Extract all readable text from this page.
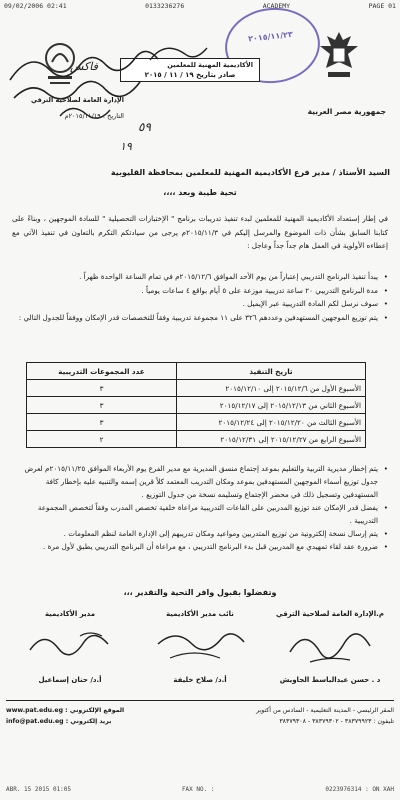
09/02/2006 02:41	0133236276	ACADEMY	PAGE 01
جمهورية مصر العربية
٢٠١٥/١١/٢٣
الأكاديمية المهنية للمعلمين
صادر بتاريخ ١٩ / ١١ / ٢٠١٥
الإدارة العامة لصلاحية الترقي
التاريخ : ٢٠١٥/١١/١٩م
فاكس
١٩
٥٩
السيد الأستاذ / مدير فرع الأكاديمية المهنية للمعلمين بمحافظة القليوبية
تحية طيبة وبعد ،،،،
في إطار إستعداد الأكاديمية المهنية للمعلمين لبدء تنفيذ تدريبات برنامج " الإختبارات التحصيلية " للسادة الموجهين ، وبناءً على كتابنا السابق بشأن ذات الموضوع والمرسل إليكم في ٢٠١٥/١١/٣م يرجى من سيادتكم التكرم بالتعاون في تنفيذ الآتي مع إعطاءه الأولوية في العمل هام جداً جداً وعاجل :
• يبدأ تنفيذ البرنامج التدريبي إعتباراً من يوم الأحد الموافق ٢٠١٥/١٢/٦م في تمام الساعة الواحدة ظهراً .
• مدة البرنامج التدريبي ٢٠ ساعة تدريبية موزعة على ٥ أيام بواقع ٤ ساعات يومياً .
• سوف نرسل لكم المادة التدريبية عبر الإيميل .
• يتم توزيع الموجهين المستهدفين وعددهم ٣٢٦ على ١١ مجموعة تدريبية وفقاً للتخصصات قدر الإمكان ووفقاً للجدول التالي :
تاريخ التنفيذ	عدد المجموعات التدريبية
الأسبوع الأول من ٢٠١٥/١٢/٦ إلى ٢٠١٥/١٢/١٠	٣
الأسبوع الثاني من ٢٠١٥/١٢/١٣ إلى ٢٠١٥/١٢/١٧	٣
الأسبوع الثالث من ٢٠١٥/١٢/٢٠ إلى ٢٠١٥/١٢/٢٤	٣
الأسبوع الرابع من ٢٠١٥/١٢/٢٧ إلى ٢٠١٥/١٢/٣١	٢
• يتم إخطار مديرية التربية والتعليم بموعد إجتماع منسق المديرية مع مدير الفرع يوم الأربعاء الموافق ٢٠١٥/١١/٢٥م لعرض جدول توزيع أسماء الموجهين المستهدفين بموعد ومكان التدريب المعتمد كلاً قرين إسمه والتنبيه عليه بإخطار كافة المستهدفين وتسجيل ذلك في محضر الإجتماع وتسليمه نسخة من جدول التوزيع .
• يفضل قدر الإمكان عند توزيع المدربين على القاعات التدريبية مراعاة خلفية تخصص المدرب وفقاً لتخصص المجموعة التدريبية .
• يتم إرسال نسخة إلكترونية من توزيع المتدربين ومواعيد ومكان تدريبهم إلى الإدارة العامة لنظم المعلومات .
• ضرورة عقد لقاء تمهيدي مع المدربين قبل بدء البرنامج التدريبي ، مع مراعاة أن البرنامج التدريبي يطبق لأول مرة .
وتفضلوا بقبول وافر التحية والتقدير ،،،
م.الإدارة العامة لصلاحية الترقي
د . حسن عبدالباسط الجاويش
نائب مدير الأكاديمية
أ.د/ صلاح خليفة
مدير الأكاديمية
أ.د/ حنان إسماعيل
المقر الرئيسي - المدينة التعليمية - السادس من أكتوبر
تليفون : ٣٨٣٧٩٩٢٣ - ٣٨٣٧٩٣٠٢ - ٣٨٣٧٩٣٠٨
www.pat.edu.eg : الموقع الإلكتروني
info@pat.edu.eg : بريد إلكتروني
ABR. 15 2015 01:05	FAX NO. :	0223976314 : ON XAH
